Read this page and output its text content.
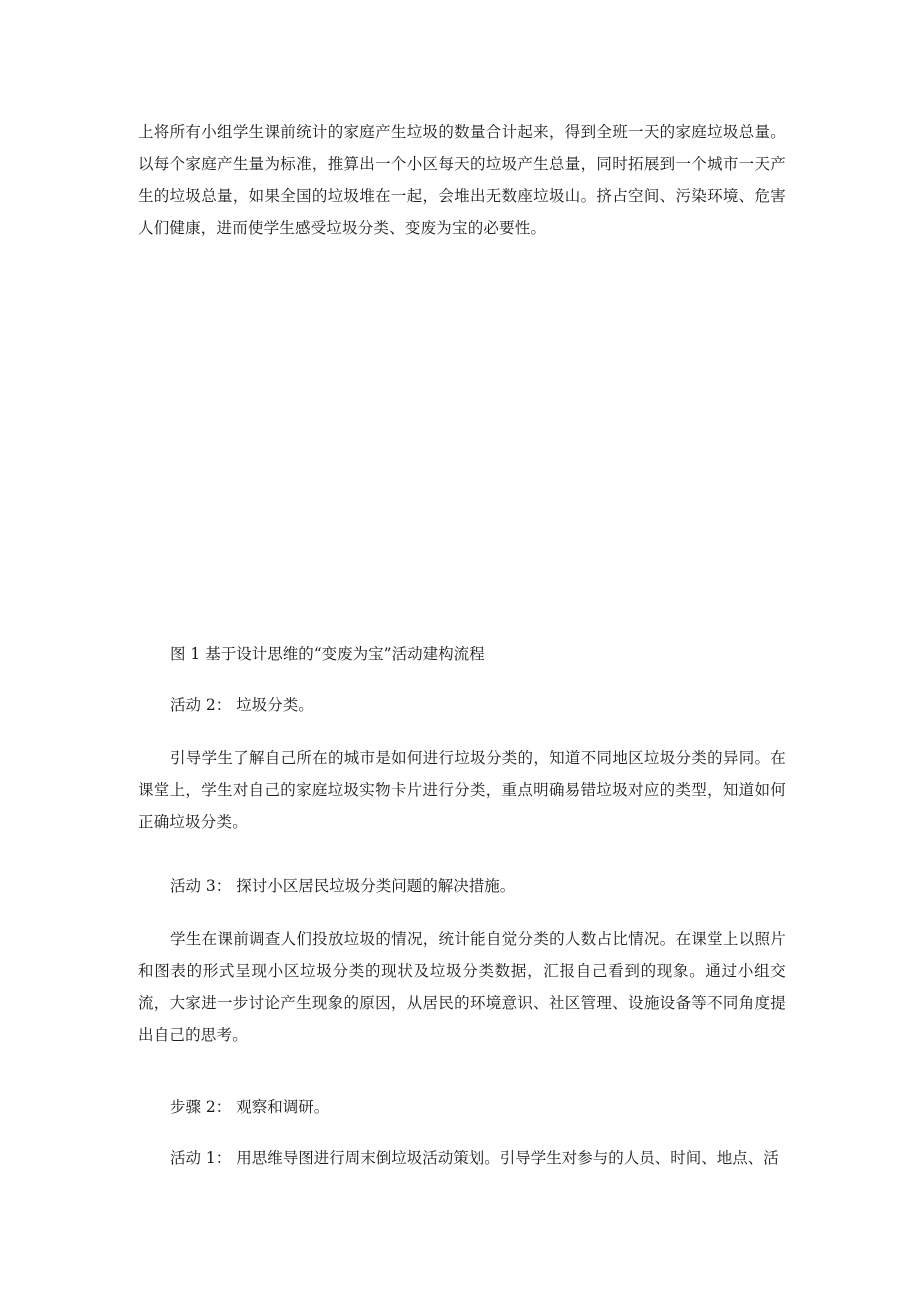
上将所有小组学生课前统计的家庭产生垃圾的数量合计起来，得到全班一天的家庭垃圾总量。以每个家庭产生量为标准，推算出一个小区每天的垃圾产生总量，同时拓展到一个城市一天产生的垃圾总量，如果全国的垃圾堆在一起，会堆出无数座垃圾山。挤占空间、污染环境、危害人们健康，进而使学生感受垃圾分类、变废为宝的必要性。

图 1 基于设计思维的“变废为宝”活动建构流程

活动 2： 垃圾分类。

引导学生了解自己所在的城市是如何进行垃圾分类的，知道不同地区垃圾分类的异同。在课堂上，学生对自己的家庭垃圾实物卡片进行分类，重点明确易错垃圾对应的类型，知道如何正确垃圾分类。

活动 3： 探讨小区居民垃圾分类问题的解决措施。

学生在课前调查人们投放垃圾的情况，统计能自觉分类的人数占比情况。在课堂上以照片和图表的形式呈现小区垃圾分类的现状及垃圾分类数据，汇报自己看到的现象。通过小组交流，大家进一步讨论产生现象的原因，从居民的环境意识、社区管理、设施设备等不同角度提出自己的思考。

步骤 2： 观察和调研。

活动 1： 用思维导图进行周末倒垃圾活动策划。引导学生对参与的人员、时间、地点、活
